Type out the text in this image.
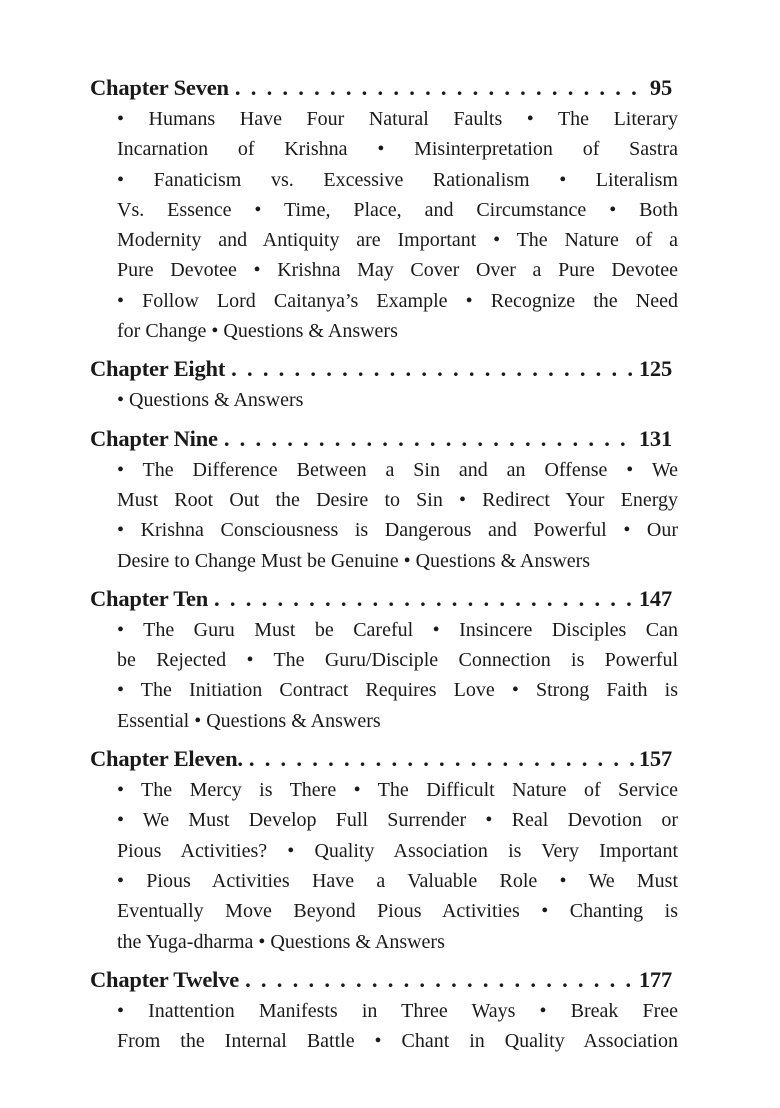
Chapter Seven . . .	95
• Humans Have Four Natural Faults • The Literary
Incarnation of Krishna • Misinterpretation of Sastra
• Fanaticism vs. Excessive Rationalism • Literalism
Vs. Essence • Time, Place, and Circumstance • Both
Modernity and Antiquity are Important • The Nature of a
Pure Devotee • Krishna May Cover Over a Pure Devotee
• Follow Lord Caitanya’s Example • Recognize the Need
for Change • Questions & Answers
Chapter Eight . . .	125
• Questions & Answers
Chapter Nine . . .	131
• The Difference Between a Sin and an Offense • We
Must Root Out the Desire to Sin • Redirect Your Energy
• Krishna Consciousness is Dangerous and Powerful • Our
Desire to Change Must be Genuine • Questions & Answers
Chapter Ten . . .	147
• The Guru Must be Careful • Insincere Disciples Can
be Rejected • The Guru/Disciple Connection is Powerful
• The Initiation Contract Requires Love • Strong Faith is
Essential • Questions & Answers
Chapter Eleven. . . .	157
• The Mercy is There • The Difficult Nature of Service
• We Must Develop Full Surrender • Real Devotion or
Pious Activities? • Quality Association is Very Important
• Pious Activities Have a Valuable Role • We Must
Eventually Move Beyond Pious Activities • Chanting is
the Yuga-dharma • Questions & Answers
Chapter Twelve . . .	177
• Inattention Manifests in Three Ways • Break Free
From the Internal Battle • Chant in Quality Association
